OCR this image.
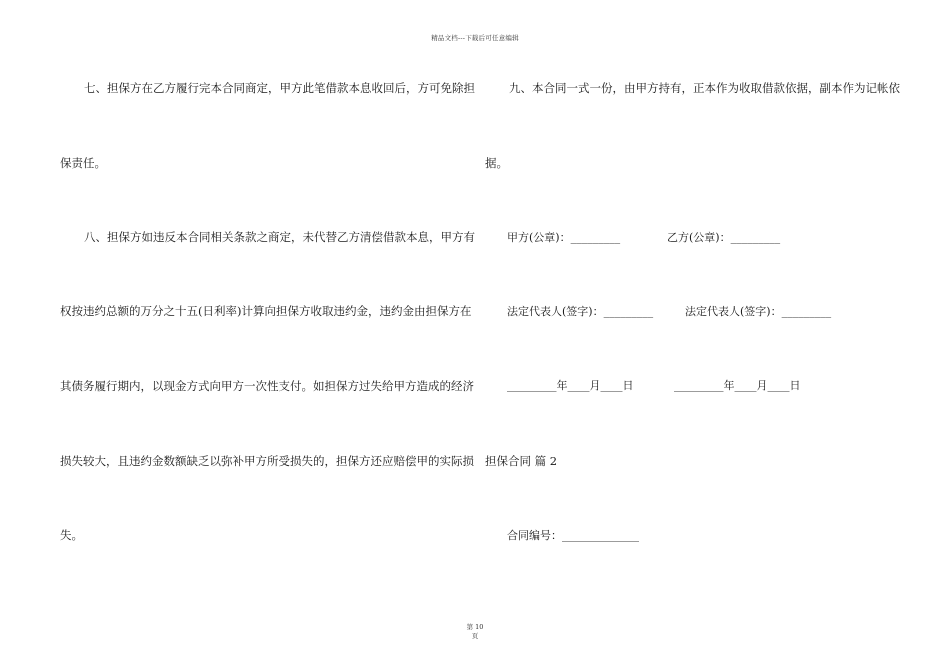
精品文档---下载后可任意编辑
七、担保方在乙方履行完本合同商定，甲方此笔借款本息收回后，方可免除担
保责任。
八、担保方如违反本合同相关条款之商定，未代替乙方清偿借款本息，甲方有
权按违约总额的万分之十五(日利率)计算向担保方收取违约金，违约金由担保方在
其债务履行期内，以现金方式向甲方一次性支付。如担保方过失给甲方造成的经济
损失较大，且违约金数额缺乏以弥补甲方所受损失的，担保方还应赔偿甲的实际损
失。
九、本合同一式一份，由甲方持有，正本作为收取借款依据，副本作为记帐依
据。
甲方(公章)：_________	乙方(公章)：_________
法定代表人(签字)：_________	法定代表人(签字)：_________
_________年____月____日	_________年____月____日
担保合同 篇 2
合同编号：______________
第 10
页
